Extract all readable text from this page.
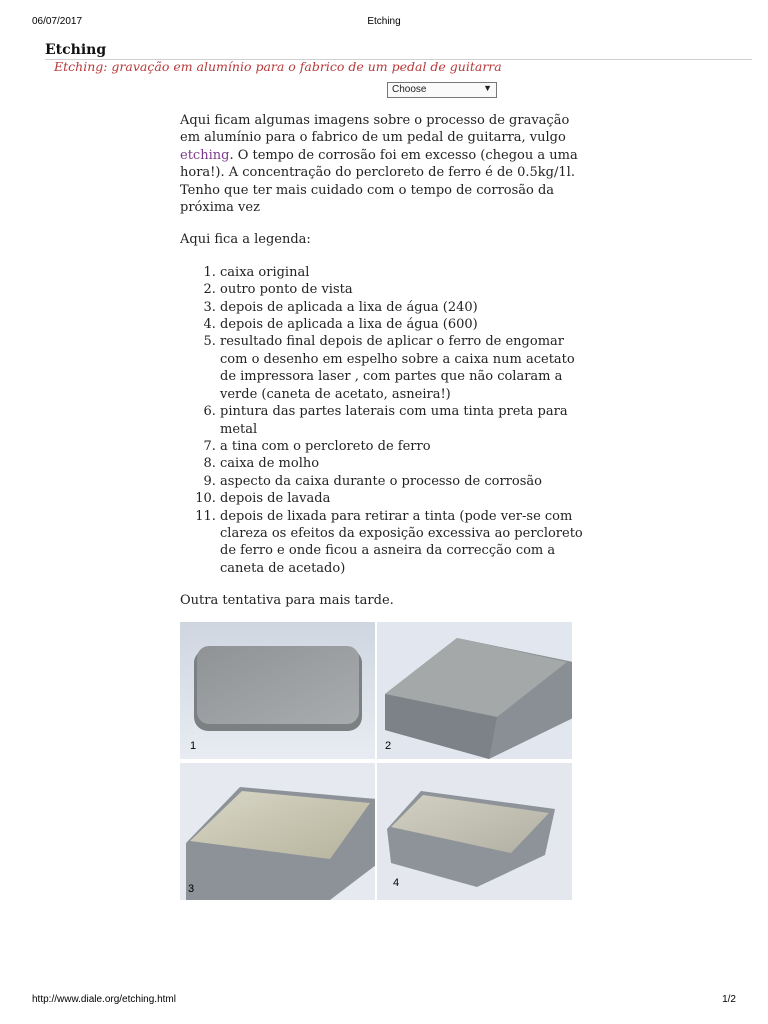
06/07/2017	Etching
Etching
Etching: gravação em alumínio para o fabrico de um pedal de guitarra
Choose	▼

Aqui ficam algumas imagens sobre o processo de gravação em alumínio para o fabrico de um pedal de guitarra, vulgo etching. O tempo de corrosão foi em excesso (chegou a uma hora!). A concentração do percloreto de ferro é de 0.5kg/1l. Tenho que ter mais cuidado com o tempo de corrosão da próxima vez

Aqui fica a legenda:

1. caixa original
2. outro ponto de vista
3. depois de aplicada a lixa de água (240)
4. depois de aplicada a lixa de água (600)
5. resultado final depois de aplicar o ferro de engomar com o desenho em espelho sobre a caixa num acetato de impressora laser , com partes que não colaram a verde (caneta de acetato, asneira!)
6. pintura das partes laterais com uma tinta preta para metal
7. a tina com o percloreto de ferro
8. caixa de molho
9. aspecto da caixa durante o processo de corrosão
10. depois de lavada
11. depois de lixada para retirar a tinta (pode ver-se com clareza os efeitos da exposição excessiva ao percloreto de ferro e onde ficou a asneira da correcção com a caneta de acetado)

Outra tentativa para mais tarde.

1	2
3	4
http://www.diale.org/etching.html	1/2
